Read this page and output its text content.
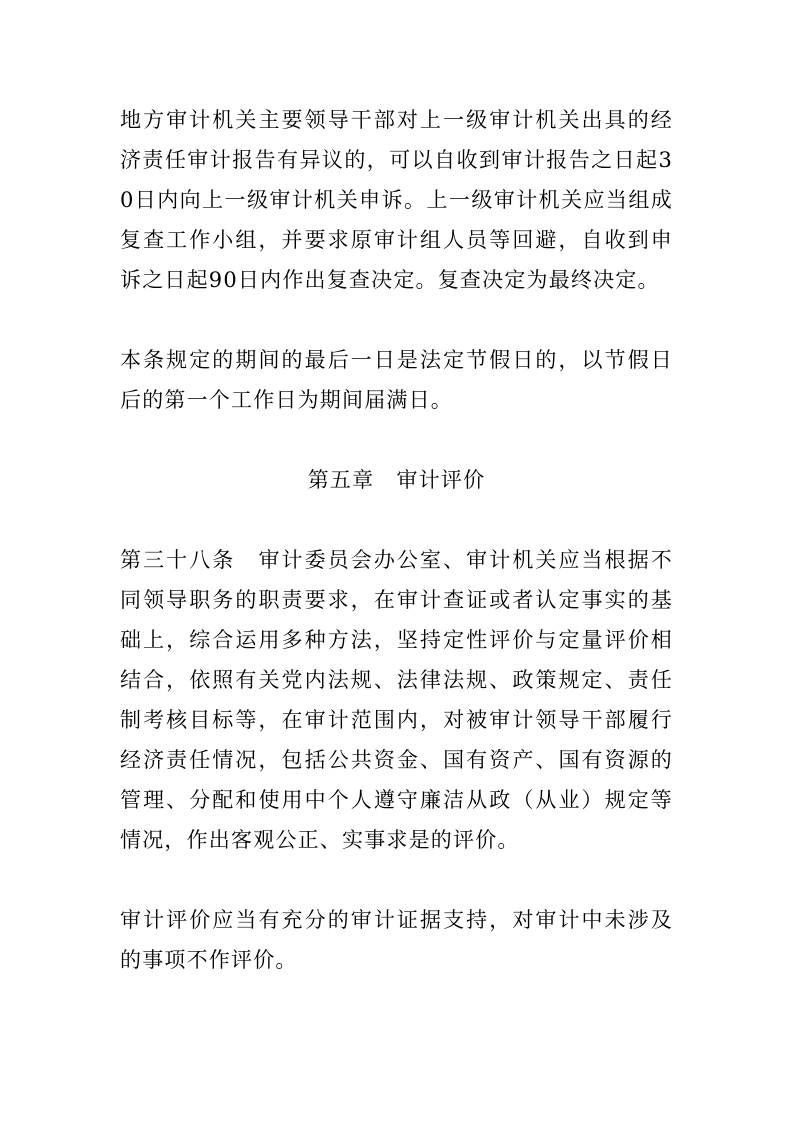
地方审计机关主要领导干部对上一级审计机关出具的经济责任审计报告有异议的，可以自收到审计报告之日起30日内向上一级审计机关申诉。上一级审计机关应当组成复查工作小组，并要求原审计组人员等回避，自收到申诉之日起90日内作出复查决定。复查决定为最终决定。

本条规定的期间的最后一日是法定节假日的，以节假日后的第一个工作日为期间届满日。

第五章　审计评价

第三十八条　审计委员会办公室、审计机关应当根据不同领导职务的职责要求，在审计查证或者认定事实的基础上，综合运用多种方法，坚持定性评价与定量评价相结合，依照有关党内法规、法律法规、政策规定、责任制考核目标等，在审计范围内，对被审计领导干部履行经济责任情况，包括公共资金、国有资产、国有资源的管理、分配和使用中个人遵守廉洁从政（从业）规定等情况，作出客观公正、实事求是的评价。

审计评价应当有充分的审计证据支持，对审计中未涉及的事项不作评价。
